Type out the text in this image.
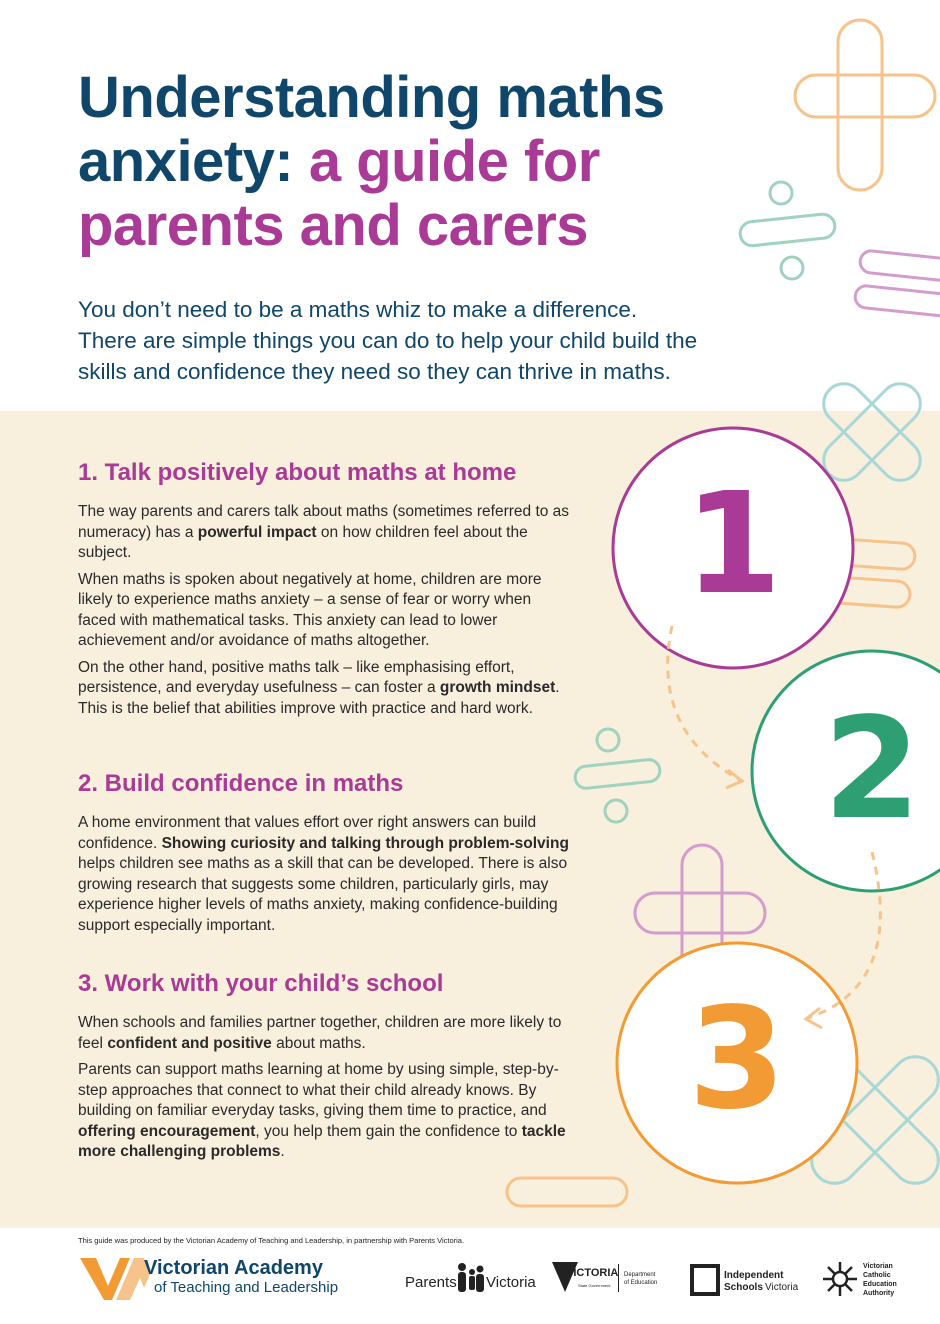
Understanding maths
anxiety: a guide for
parents and carers

You don’t need to be a maths whiz to make a difference.
There are simple things you can do to help your child build the
skills and confidence they need so they can thrive in maths.

1. Talk positively about maths at home

The way parents and carers talk about maths (sometimes referred to as numeracy) has a powerful impact on how children feel about the subject.

When maths is spoken about negatively at home, children are more likely to experience maths anxiety – a sense of fear or worry when faced with mathematical tasks. This anxiety can lead to lower achievement and/or avoidance of maths altogether.

On the other hand, positive maths talk – like emphasising effort, persistence, and everyday usefulness – can foster a growth mindset. This is the belief that abilities improve with practice and hard work.

2. Build confidence in maths

A home environment that values effort over right answers can build confidence. Showing curiosity and talking through problem-solving helps children see maths as a skill that can be developed. There is also growing research that suggests some children, particularly girls, may experience higher levels of maths anxiety, making confidence-building support especially important.

3. Work with your child’s school

When schools and families partner together, children are more likely to feel confident and positive about maths.

Parents can support maths learning at home by using simple, step-by-step approaches that connect to what their child already knows. By building on familiar everyday tasks, giving them time to practice, and offering encouragement, you help them gain the confidence to tackle more challenging problems.

1
2
3

This guide was produced by the Victorian Academy of Teaching and Leadership, in partnership with Parents Victoria.

Victorian Academy
of Teaching and Leadership	Parents Victoria
VICTORIA
State Government
Department
of Education
Independent
Schools Victoria
Victorian
Catholic
Education
Authority
